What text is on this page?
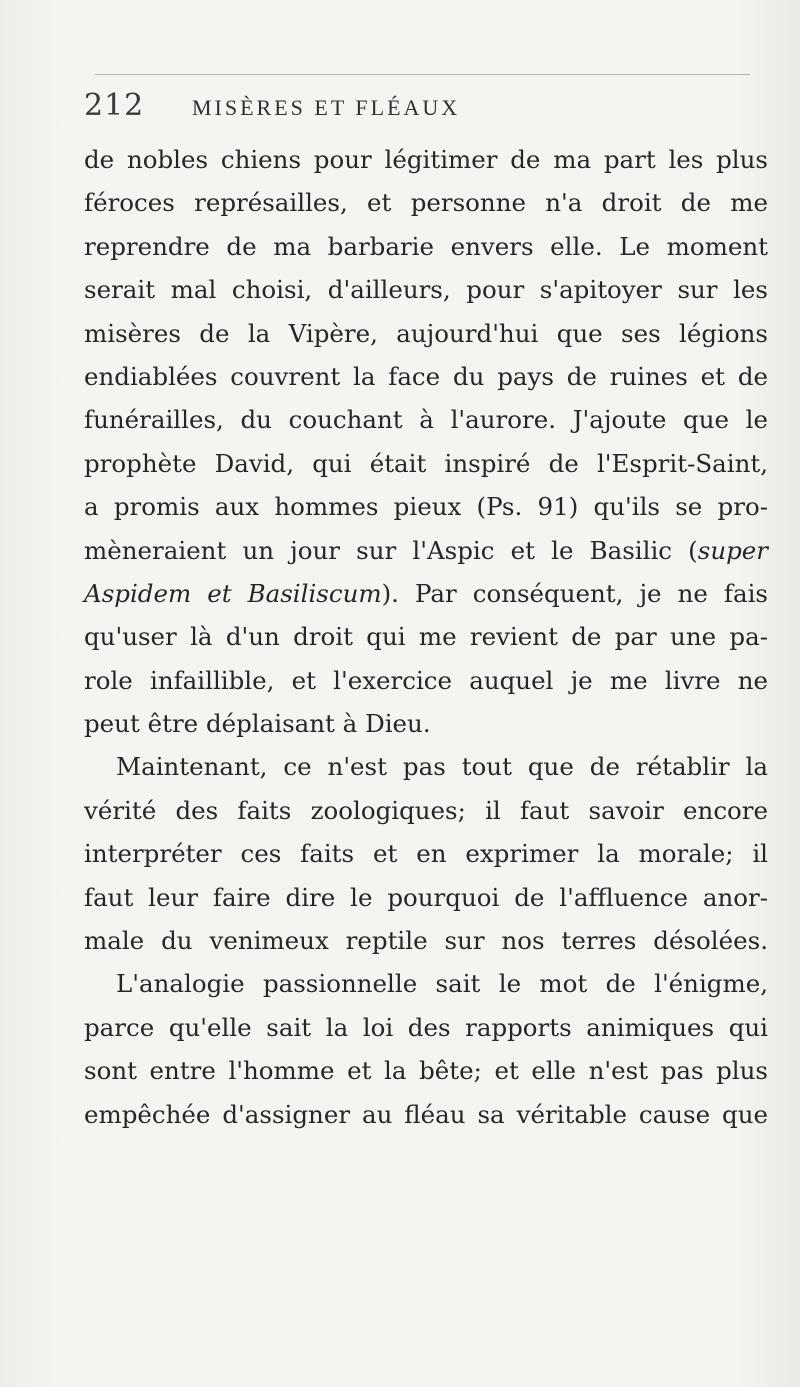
212 MISÈRES ET FLÉAUX
de nobles chiens pour légitimer de ma part les plus
féroces représailles, et personne n'a droit de me
reprendre de ma barbarie envers elle. Le moment
serait mal choisi, d'ailleurs, pour s'apitoyer sur les
misères de la Vipère, aujourd'hui que ses légions
endiablées couvrent la face du pays de ruines et de
funérailles, du couchant à l'aurore. J'ajoute que le
prophète David, qui était inspiré de l'Esprit-Saint,
a promis aux hommes pieux (Ps. 91) qu'ils se pro-
mèneraient un jour sur l'Aspic et le Basilic (super
Aspidem et Basiliscum). Par conséquent, je ne fais
qu'user là d'un droit qui me revient de par une pa-
role infaillible, et l'exercice auquel je me livre ne
peut être déplaisant à Dieu.
Maintenant, ce n'est pas tout que de rétablir la
vérité des faits zoologiques; il faut savoir encore
interpréter ces faits et en exprimer la morale; il
faut leur faire dire le pourquoi de l'affluence anor-
male du venimeux reptile sur nos terres désolées.
L'analogie passionnelle sait le mot de l'énigme,
parce qu'elle sait la loi des rapports animiques qui
sont entre l'homme et la bête; et elle n'est pas plus
empêchée d'assigner au fléau sa véritable cause que
